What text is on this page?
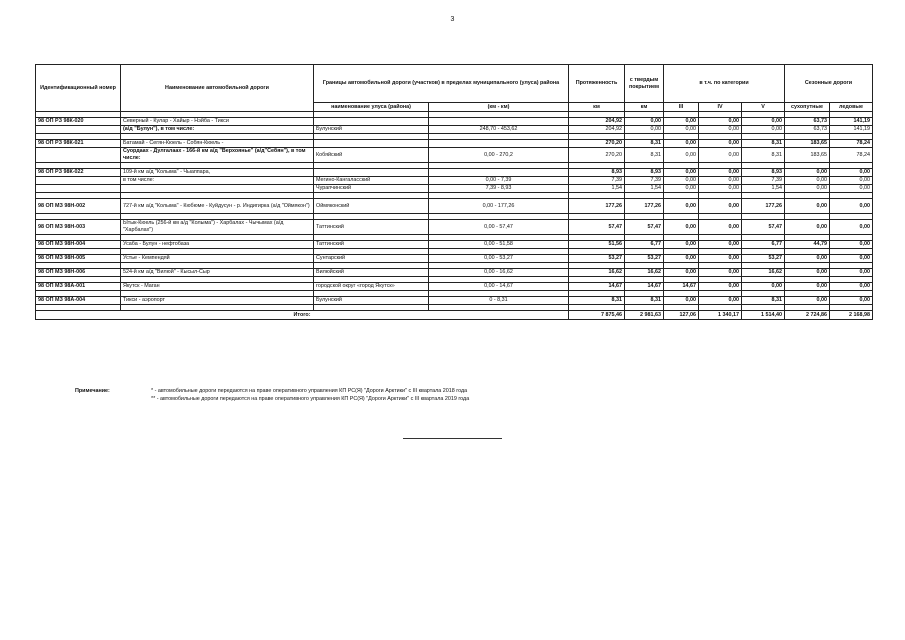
3
Идентификационный номер	Наименование автомобильной дороги	Границы автомобильной дороги (участков) в пределах муниципального (улуса) района		Протяженность	с твердым покрытием	в т.ч. по категории			Сезонные дороги	
		наименование улуса (района)	(км - км)	км	км	III	IV	V	сухопутные	ледовые

98 ОП РЗ 98К-020	Северный - Кулар - Хайыр - Нэйба - Тикси			204,92	0,00	0,00	0,00	0,00	63,73	141,19
	(а/д "Булун"), в том числе:	Булунский	248,70 - 453,62	204,92	0,00	0,00	0,00	0,00	63,73	141,19

98 ОП РЗ 98К-021	Батамай - Сегян-Кюель - Собян-Кюель -			270,20	8,31	0,00	0,00	8,31	183,65	78,24
	Суордаах - Дулгалаах - 166-й км а/д "Верхоянье" (а/д"Себян"), в том числе:	Кобяйский	0,00 - 270,2	270,20	8,31	0,00	0,00	8,31	183,65	78,24

98 ОП РЗ 98К-022	109-й км а/д "Колыма" - Чыаппара,			8,93	8,93	0,00	0,00	8,93	0,00	0,00
	в том числе:	Мегино-Кангаласский	0,00 - 7,39	7,39	7,39	0,00	0,00	7,39	0,00	0,00
		Чурапчинский	7,39 - 8,93	1,54	1,54	0,00	0,00	1,54	0,00	0,00

98 ОП МЗ 98Н-002	727-й км а/д "Колыма" - Кюбюме - Куйдусун - р. Индигирка (а/д "Оймякон")	Оймяконский	0,00 - 177,26	177,26	177,26	0,00	0,00	177,26	0,00	0,00

98 ОП МЗ 98Н-003	Ытык-Кюель (256-й км а/д "Колыма") - Харбалах - Чычымах (а/д "Харбалах")	Таттинский	0,00 - 57,47	57,47	57,47	0,00	0,00	57,47	0,00	0,00

98 ОП МЗ 98Н-004	Усаба - Булун - нефтобаза	Таттинский	0,00 - 51,58	51,56	6,77	0,00	0,00	6,77	44,79	0,00

98 ОП МЗ 98Н-005	Устье - Кемпендяй	Сунтарский	0,00 - 53,27	53,27	53,27	0,00	0,00	53,27	0,00	0,00

98 ОП МЗ 98Н-006	524-й км а/д "Вилюй" - Кысыл-Сыр	Вилюйский	0,00 - 16,62	16,62	16,62	0,00	0,00	16,62	0,00	0,00

98 ОП МЗ 98А-001	Якутск - Маган	городской округ «город Якутск»	0,00 - 14,67	14,67	14,67	14,67	0,00	0,00	0,00	0,00

98 ОП МЗ 98А-004	Тикси - аэропорт	Булунский	0 - 8,31	8,31	8,31	0,00	0,00	8,31	0,00	0,00

Итого:				7 875,46	2 981,63	127,06	1 340,17	1 514,40	2 724,86	2 168,98
Примечание:	* - автомобильные дороги передаются на праве оперативного управления КП РС(Я) "Дороги Арктики" с III квартала 2018 года
** - автомобильные дороги передаются на праве оперативного управления КП РС(Я) "Дороги Арктики" с III квартала 2019 года
